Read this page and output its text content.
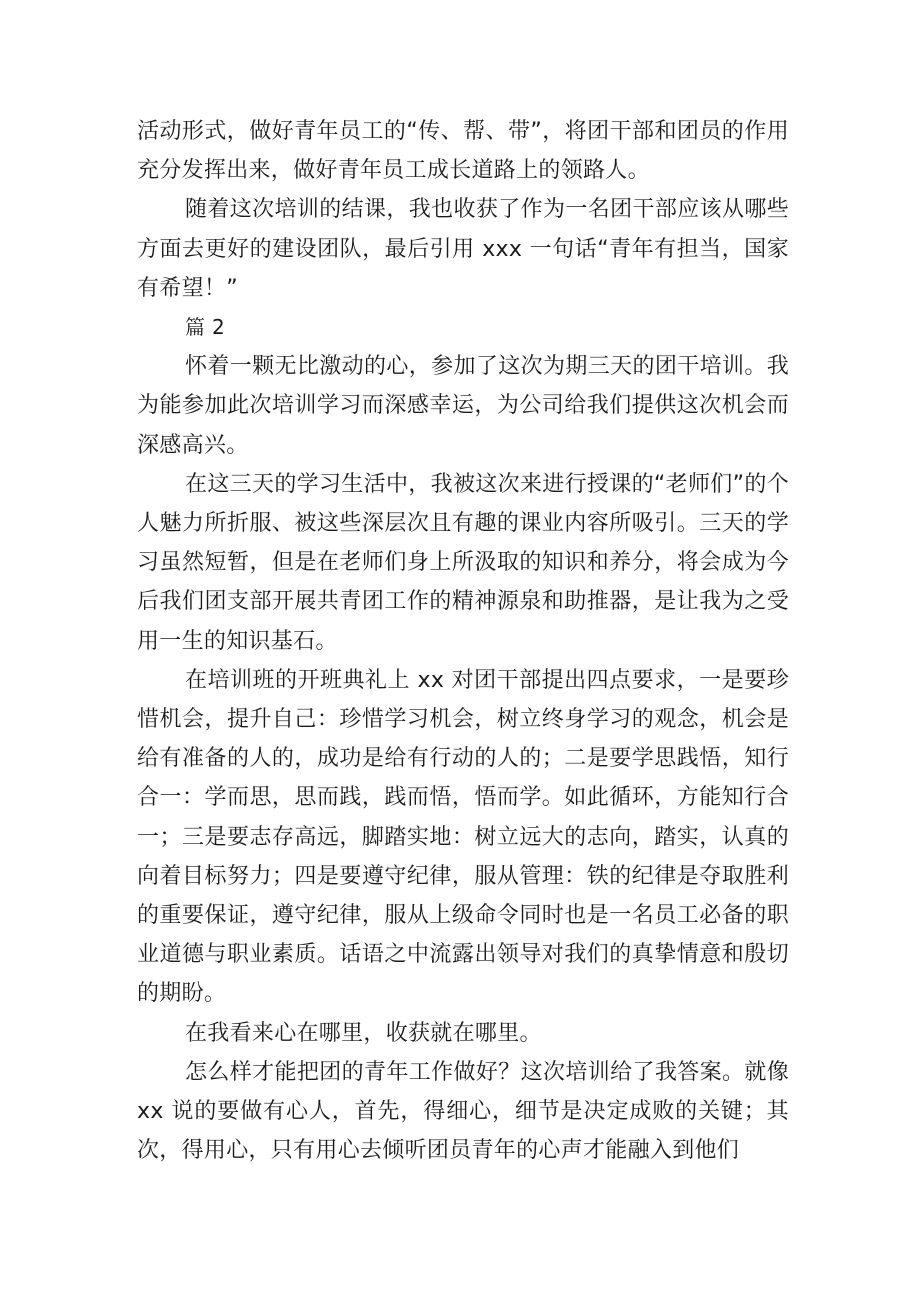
活动形式，做好青年员工的“传、帮、带”，将团干部和团员的作用充分发挥出来，做好青年员工成长道路上的领路人。

随着这次培训的结课，我也收获了作为一名团干部应该从哪些方面去更好的建设团队，最后引用 xxx 一句话“青年有担当，国家有希望！”

篇 2

怀着一颗无比激动的心，参加了这次为期三天的团干培训。我为能参加此次培训学习而深感幸运，为公司给我们提供这次机会而深感高兴。

在这三天的学习生活中，我被这次来进行授课的“老师们”的个人魅力所折服、被这些深层次且有趣的课业内容所吸引。三天的学习虽然短暂，但是在老师们身上所汲取的知识和养分，将会成为今后我们团支部开展共青团工作的精神源泉和助推器，是让我为之受用一生的知识基石。

在培训班的开班典礼上 xx 对团干部提出四点要求，一是要珍惜机会，提升自己：珍惜学习机会，树立终身学习的观念，机会是给有准备的人的，成功是给有行动的人的；二是要学思践悟，知行合一：学而思，思而践，践而悟，悟而学。如此循环，方能知行合一；三是要志存高远，脚踏实地：树立远大的志向，踏实，认真的向着目标努力；四是要遵守纪律，服从管理：铁的纪律是夺取胜利的重要保证，遵守纪律，服从上级命令同时也是一名员工必备的职业道德与职业素质。话语之中流露出领导对我们的真挚情意和殷切的期盼。

在我看来心在哪里，收获就在哪里。

怎么样才能把团的青年工作做好？这次培训给了我答案。就像 xx 说的要做有心人，首先，得细心，细节是决定成败的关键；其次，得用心，只有用心去倾听团员青年的心声才能融入到他们
